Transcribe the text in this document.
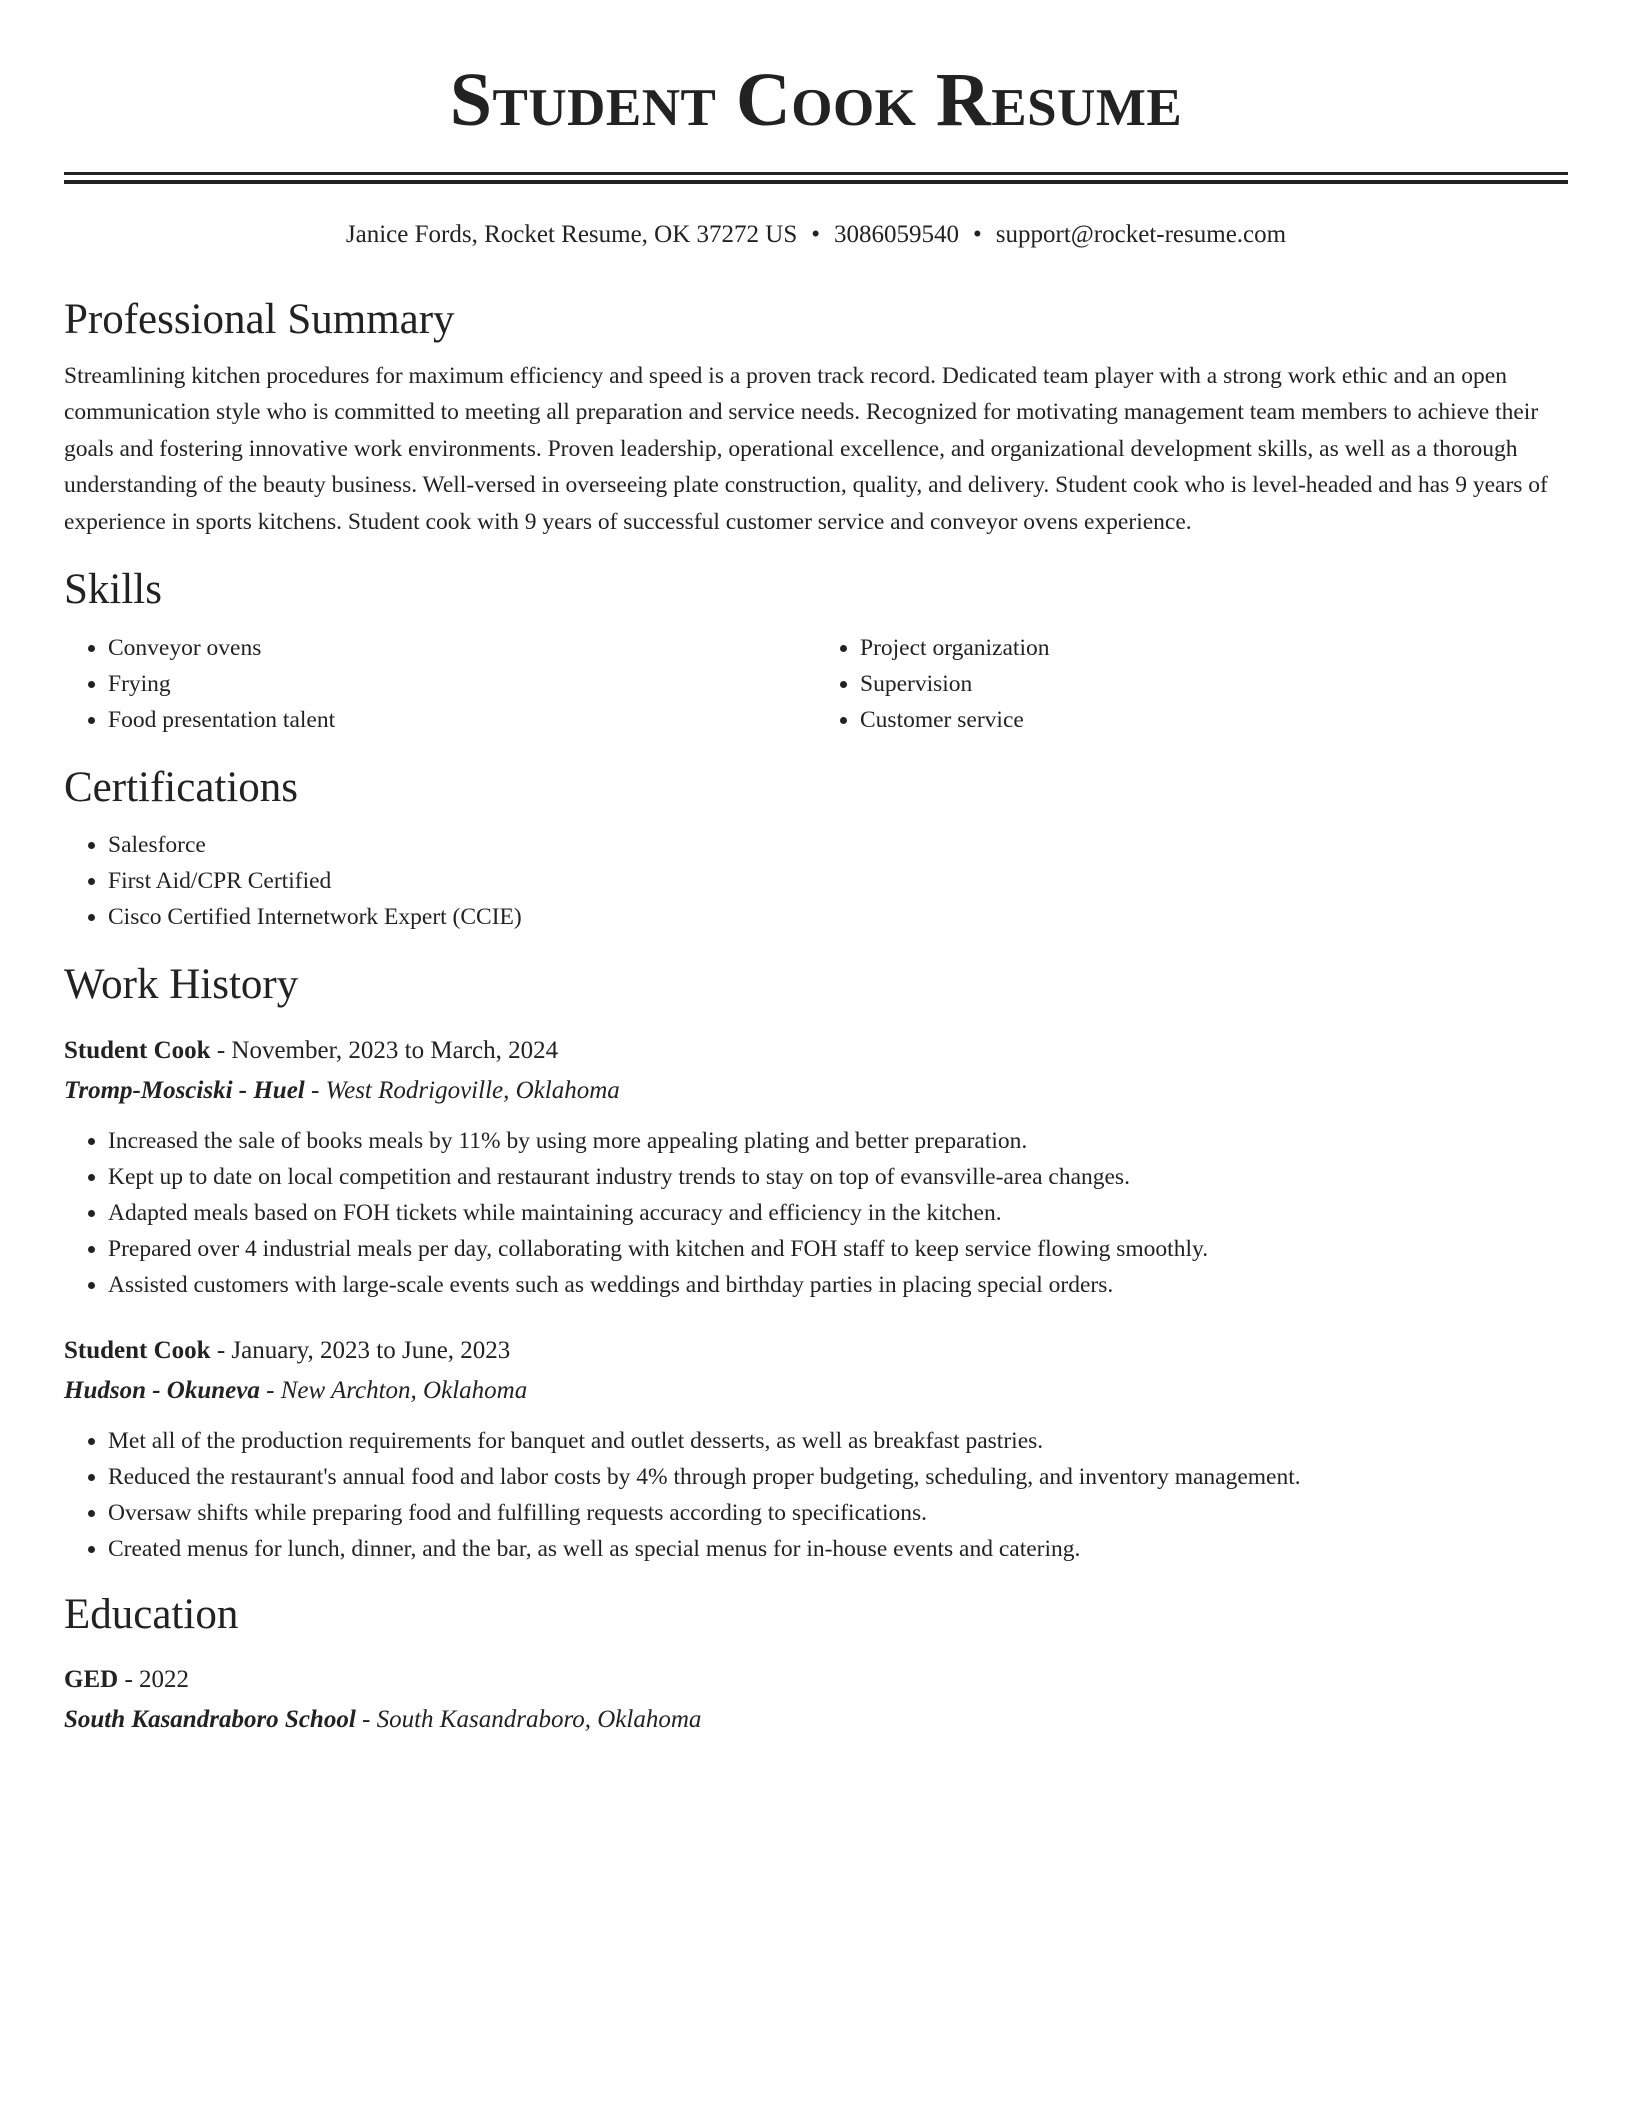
Student Cook Resume
Janice Fords, Rocket Resume, OK 37272 US • 3086059540 • support@rocket-resume.com
Professional Summary

Streamlining kitchen procedures for maximum efficiency and speed is a proven track record. Dedicated team player with a strong work ethic and an open communication style who is committed to meeting all preparation and service needs. Recognized for motivating management team members to achieve their goals and fostering innovative work environments. Proven leadership, operational excellence, and organizational development skills, as well as a thorough understanding of the beauty business. Well-versed in overseeing plate construction, quality, and delivery. Student cook who is level-headed and has 9 years of experience in sports kitchens. Student cook with 9 years of successful customer service and conveyor ovens experience.

Skills
• Conveyor ovens
• Frying
• Food presentation talent
• Project organization
• Supervision
• Customer service
Certifications
• Salesforce
• First Aid/CPR Certified
• Cisco Certified Internetwork Expert (CCIE)
Work History
Student Cook - November, 2023 to March, 2024
Tromp-Mosciski - Huel - West Rodrigoville, Oklahoma
• Increased the sale of books meals by 11% by using more appealing plating and better preparation.
• Kept up to date on local competition and restaurant industry trends to stay on top of evansville-area changes.
• Adapted meals based on FOH tickets while maintaining accuracy and efficiency in the kitchen.
• Prepared over 4 industrial meals per day, collaborating with kitchen and FOH staff to keep service flowing smoothly.
• Assisted customers with large-scale events such as weddings and birthday parties in placing special orders.
Student Cook - January, 2023 to June, 2023
Hudson - Okuneva - New Archton, Oklahoma
• Met all of the production requirements for banquet and outlet desserts, as well as breakfast pastries.
• Reduced the restaurant's annual food and labor costs by 4% through proper budgeting, scheduling, and inventory management.
• Oversaw shifts while preparing food and fulfilling requests according to specifications.
• Created menus for lunch, dinner, and the bar, as well as special menus for in-house events and catering.
Education
GED - 2022
South Kasandraboro School - South Kasandraboro, Oklahoma
